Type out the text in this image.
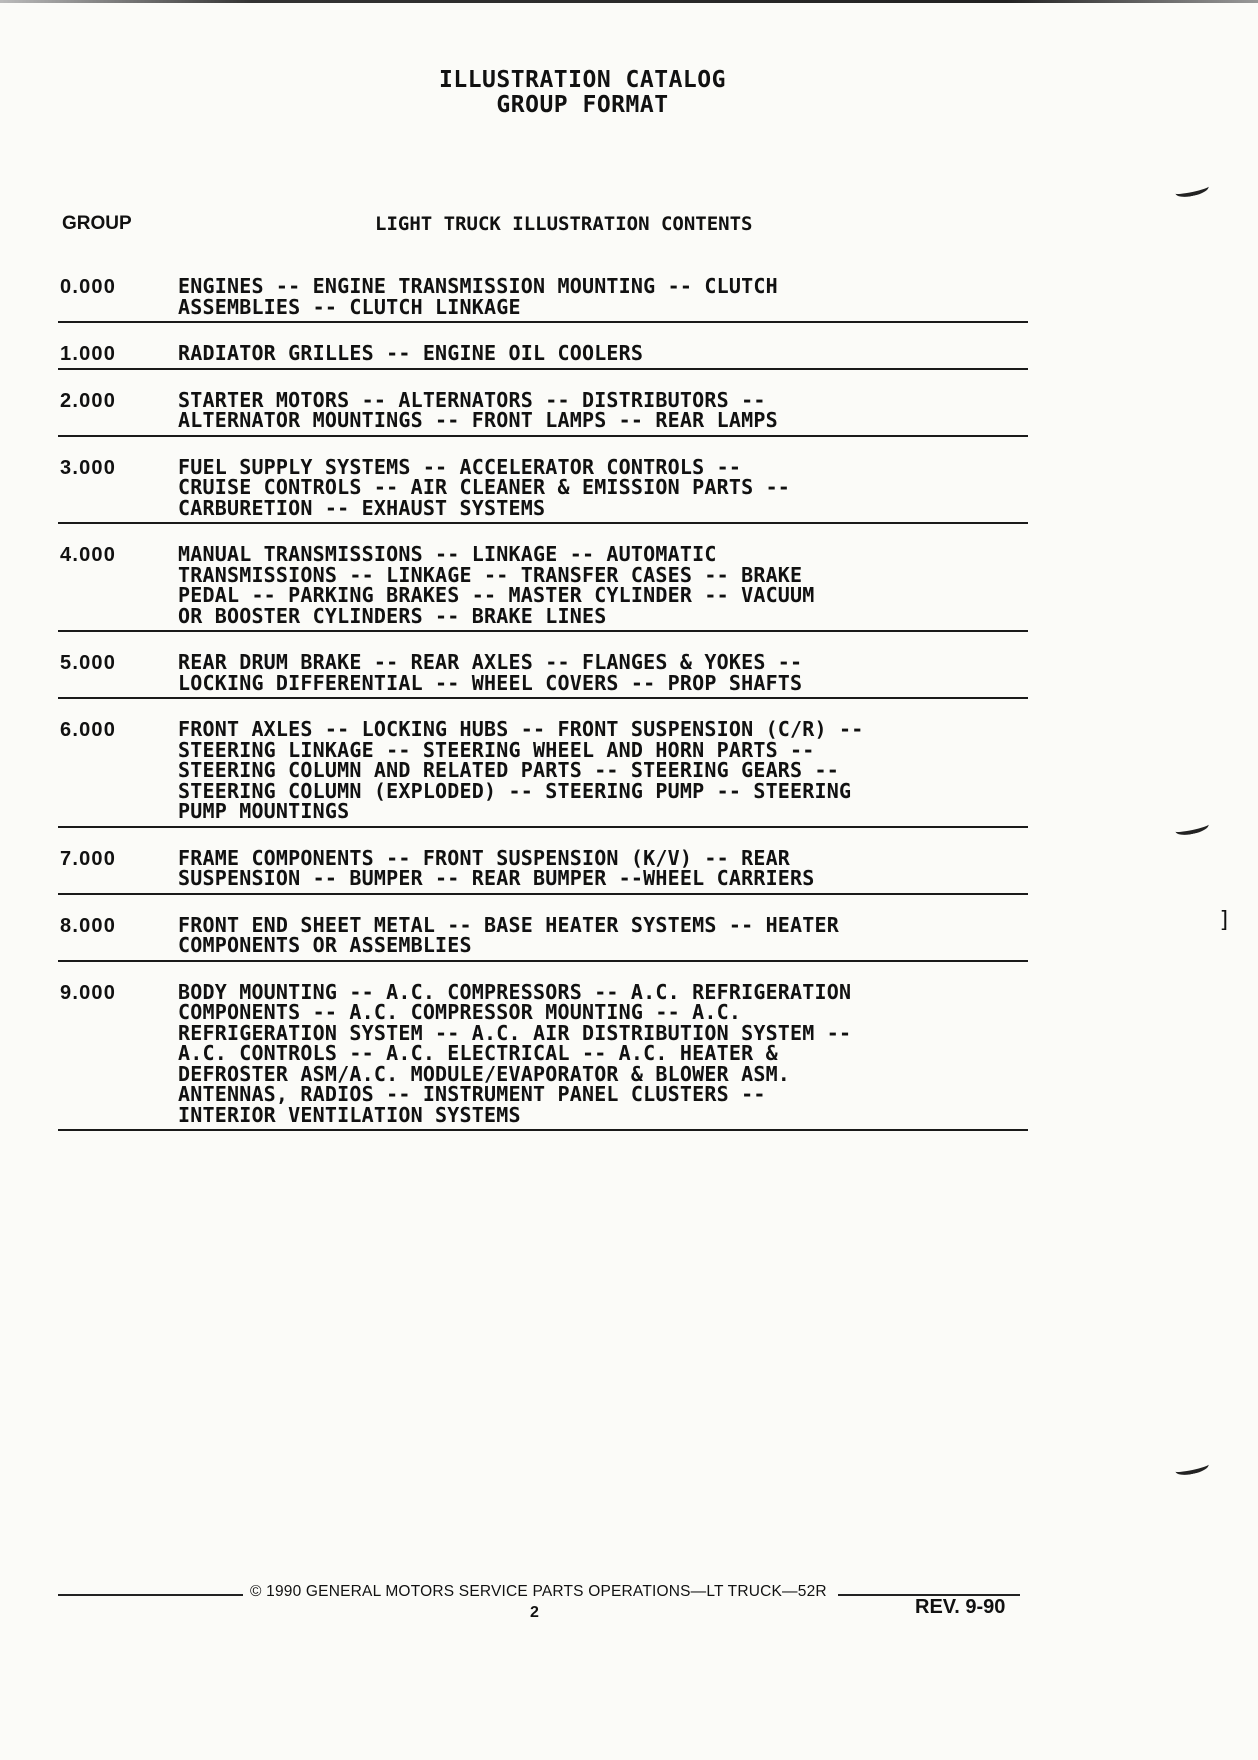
ILLUSTRATION CATALOG
GROUP FORMAT
GROUP	LIGHT TRUCK ILLUSTRATION CONTENTS
0.000	ENGINES -- ENGINE TRANSMISSION MOUNTING -- CLUTCH
ASSEMBLIES -- CLUTCH LINKAGE
1.000	RADIATOR GRILLES -- ENGINE OIL COOLERS
2.000	STARTER MOTORS -- ALTERNATORS -- DISTRIBUTORS --
ALTERNATOR MOUNTINGS -- FRONT LAMPS -- REAR LAMPS
3.000	FUEL SUPPLY SYSTEMS -- ACCELERATOR CONTROLS --
CRUISE CONTROLS -- AIR CLEANER & EMISSION PARTS --
CARBURETION -- EXHAUST SYSTEMS
4.000	MANUAL TRANSMISSIONS -- LINKAGE -- AUTOMATIC
TRANSMISSIONS -- LINKAGE -- TRANSFER CASES -- BRAKE
PEDAL -- PARKING BRAKES -- MASTER CYLINDER -- VACUUM
OR BOOSTER CYLINDERS -- BRAKE LINES
5.000	REAR DRUM BRAKE -- REAR AXLES -- FLANGES & YOKES --
LOCKING DIFFERENTIAL -- WHEEL COVERS -- PROP SHAFTS
6.000	FRONT AXLES -- LOCKING HUBS -- FRONT SUSPENSION (C/R) --
STEERING LINKAGE -- STEERING WHEEL AND HORN PARTS --
STEERING COLUMN AND RELATED PARTS -- STEERING GEARS --
STEERING COLUMN (EXPLODED) -- STEERING PUMP -- STEERING
PUMP MOUNTINGS
7.000	FRAME COMPONENTS -- FRONT SUSPENSION (K/V) -- REAR
SUSPENSION -- BUMPER -- REAR BUMPER --WHEEL CARRIERS
8.000	FRONT END SHEET METAL -- BASE HEATER SYSTEMS -- HEATER
COMPONENTS OR ASSEMBLIES
9.000	BODY MOUNTING -- A.C. COMPRESSORS -- A.C. REFRIGERATION
COMPONENTS -- A.C. COMPRESSOR MOUNTING -- A.C.
REFRIGERATION SYSTEM -- A.C. AIR DISTRIBUTION SYSTEM --
A.C. CONTROLS -- A.C. ELECTRICAL -- A.C. HEATER &
DEFROSTER ASM/A.C. MODULE/EVAPORATOR & BLOWER ASM.
ANTENNAS, RADIOS -- INSTRUMENT PANEL CLUSTERS --
INTERIOR VENTILATION SYSTEMS
© 1990 GENERAL MOTORS SERVICE PARTS OPERATIONS—LT TRUCK—52R
2	REV. 9-90
]
